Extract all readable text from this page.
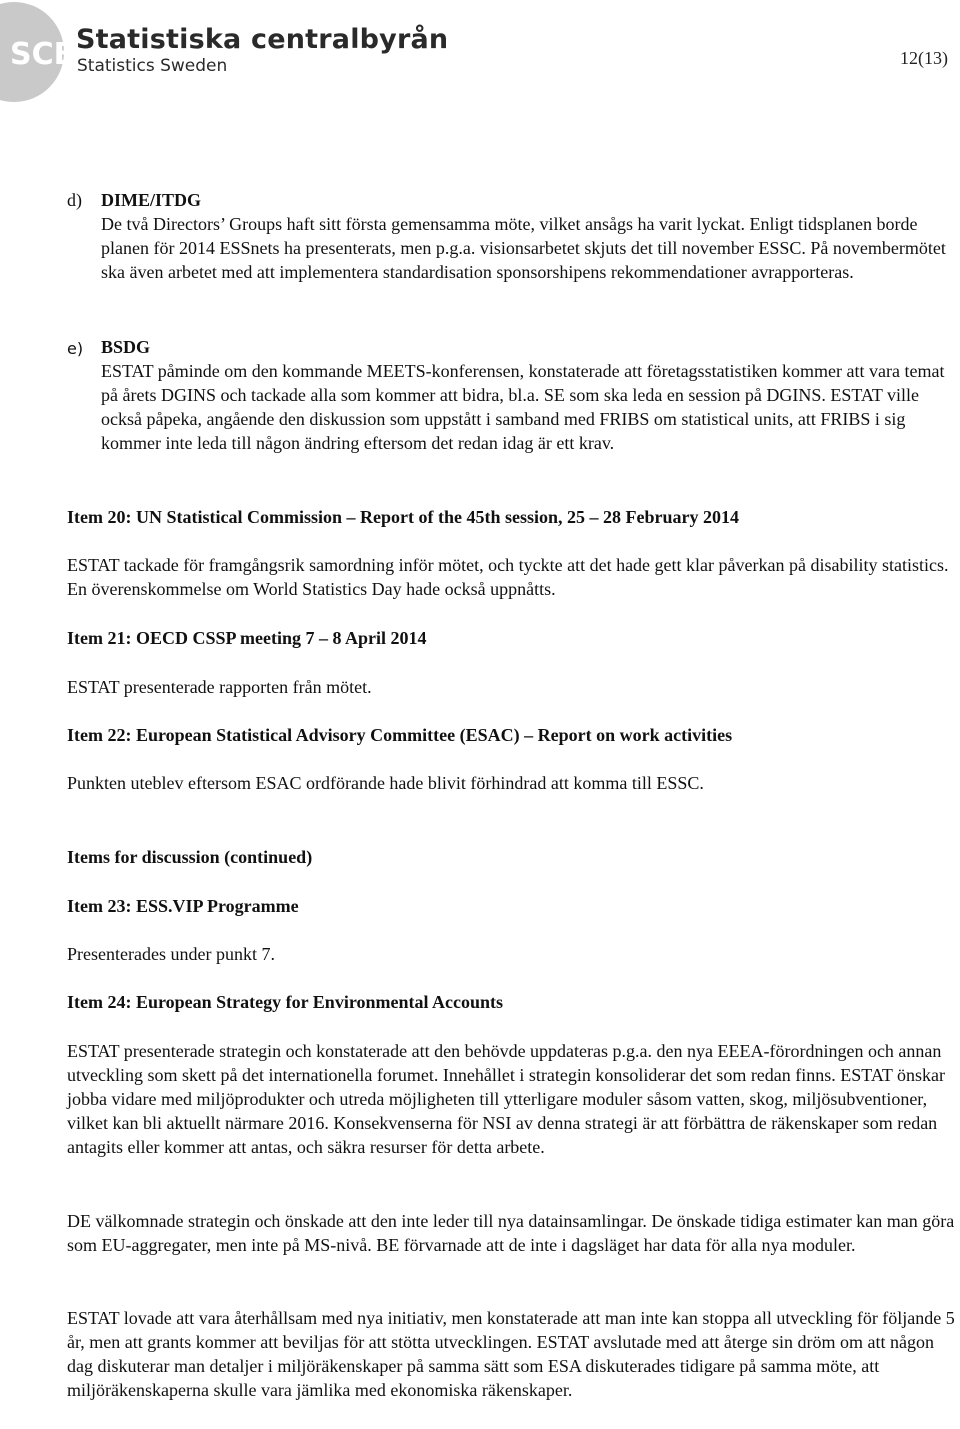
SCB Statistiska centralbyrån
Statistics Sweden	12(13)
d) DIME/ITDG

De två Directors’ Groups haft sitt första gemensamma möte, vilket ansågs ha varit lyckat. Enligt tidsplanen borde planen för 2014 ESSnets ha presenterats, men p.g.a. visionsarbetet skjuts det till november ESSC. På novembermötet ska även arbetet med att implementera standardisation sponsorshipens rekommendationer avrapporteras.

e) BSDG

ESTAT påminde om den kommande MEETS-konferensen, konstaterade att företagsstatistiken kommer att vara temat på årets DGINS och tackade alla som kommer att bidra, bl.a. SE som ska leda en session på DGINS. ESTAT ville också påpeka, angående den diskussion som uppstått i samband med FRIBS om statistical units, att FRIBS i sig kommer inte leda till någon ändring eftersom det redan idag är ett krav.

Item 20: UN Statistical Commission – Report of the 45th session, 25 – 28 February 2014

ESTAT tackade för framgångsrik samordning inför mötet, och tyckte att det hade gett klar påverkan på disability statistics. En överenskommelse om World Statistics Day hade också uppnåtts.

Item 21: OECD CSSP meeting 7 – 8 April 2014

ESTAT presenterade rapporten från mötet.

Item 22: European Statistical Advisory Committee (ESAC) – Report on work activities

Punkten uteblev eftersom ESAC ordförande hade blivit förhindrad att komma till ESSC.

Items for discussion (continued)
Item 23: ESS.VIP Programme

Presenterades under punkt 7.

Item 24: European Strategy for Environmental Accounts

ESTAT presenterade strategin och konstaterade att den behövde uppdateras p.g.a. den nya EEEA-förordningen och annan utveckling som skett på det internationella forumet. Innehållet i strategin konsoliderar det som redan finns. ESTAT önskar jobba vidare med miljöprodukter och utreda möjligheten till ytterligare moduler såsom vatten, skog, miljösubventioner, vilket kan bli aktuellt närmare 2016. Konsekvenserna för NSI av denna strategi är att förbättra de räkenskaper som redan antagits eller kommer att antas, och säkra resurser för detta arbete.

DE välkomnade strategin och önskade att den inte leder till nya datainsamlingar. De önskade tidiga estimater kan man göra som EU-aggregater, men inte på MS-nivå. BE förvarnade att de inte i dagsläget har data för alla nya moduler.

ESTAT lovade att vara återhållsam med nya initiativ, men konstaterade att man inte kan stoppa all utveckling för följande 5 år, men att grants kommer att beviljas för att stötta utvecklingen. ESTAT avslutade med att återge sin dröm om att någon dag diskuterar man detaljer i miljöräkenskaper på samma sätt som ESA diskuterades tidigare på samma möte, att miljöräkenskaperna skulle vara jämlika med ekonomiska räkenskaper.
